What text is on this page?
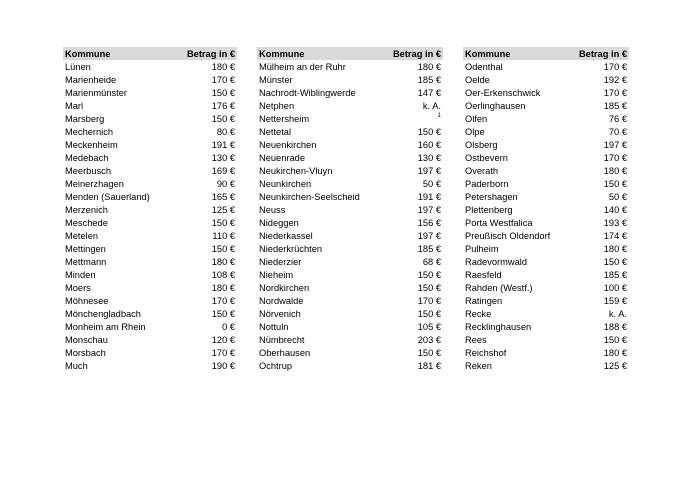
Kommune	Betrag in €
Lünen	180 €
Marienheide	170 €
Marienmünster	150 €
Marl	176 €
Marsberg	150 €
Mechernich	80 €
Meckenheim	191 €
Medebach	130 €
Meerbusch	169 €
Meinerzhagen	90 €
Menden (Sauerland)	165 €
Merzenich	125 €
Meschede	150 €
Metelen	110 €
Mettingen	150 €
Mettmann	180 €
Minden	108 €
Moers	180 €
Möhnesee	170 €
Mönchengladbach	150 €
Monheim am Rhein	0 €
Monschau	120 €
Morsbach	170 €
Much	190 €
Kommune	Betrag in €
Mülheim an der Ruhr	180 €
Münster	185 €
Nachrodt-Wiblingwerde	147 €
Netphen	k. A.
Nettersheim	1
Nettetal	150 €
Neuenkirchen	160 €
Neuenrade	130 €
Neukirchen-Vluyn	197 €
Neunkirchen	50 €
Neunkirchen-Seelscheid	191 €
Neuss	197 €
Nideggen	156 €
Niederkassel	197 €
Niederkrüchten	185 €
Niederzier	68 €
Nieheim	150 €
Nordkirchen	150 €
Nordwalde	170 €
Nörvenich	150 €
Nottuln	105 €
Nümbrecht	203 €
Oberhausen	150 €
Ochtrup	181 €
Kommune	Betrag in €
Odenthal	170 €
Oelde	192 €
Oer-Erkenschwick	170 €
Oerlinghausen	185 €
Olfen	76 €
Olpe	70 €
Olsberg	197 €
Ostbevern	170 €
Overath	180 €
Paderborn	150 €
Petershagen	50 €
Plettenberg	140 €
Porta Westfalica	193 €
Preußisch Oldendorf	174 €
Pulheim	180 €
Radevormwald	150 €
Raesfeld	185 €
Rahden (Westf.)	100 €
Ratingen	159 €
Recke	k. A.
Recklinghausen	188 €
Rees	150 €
Reichshof	180 €
Reken	125 €
